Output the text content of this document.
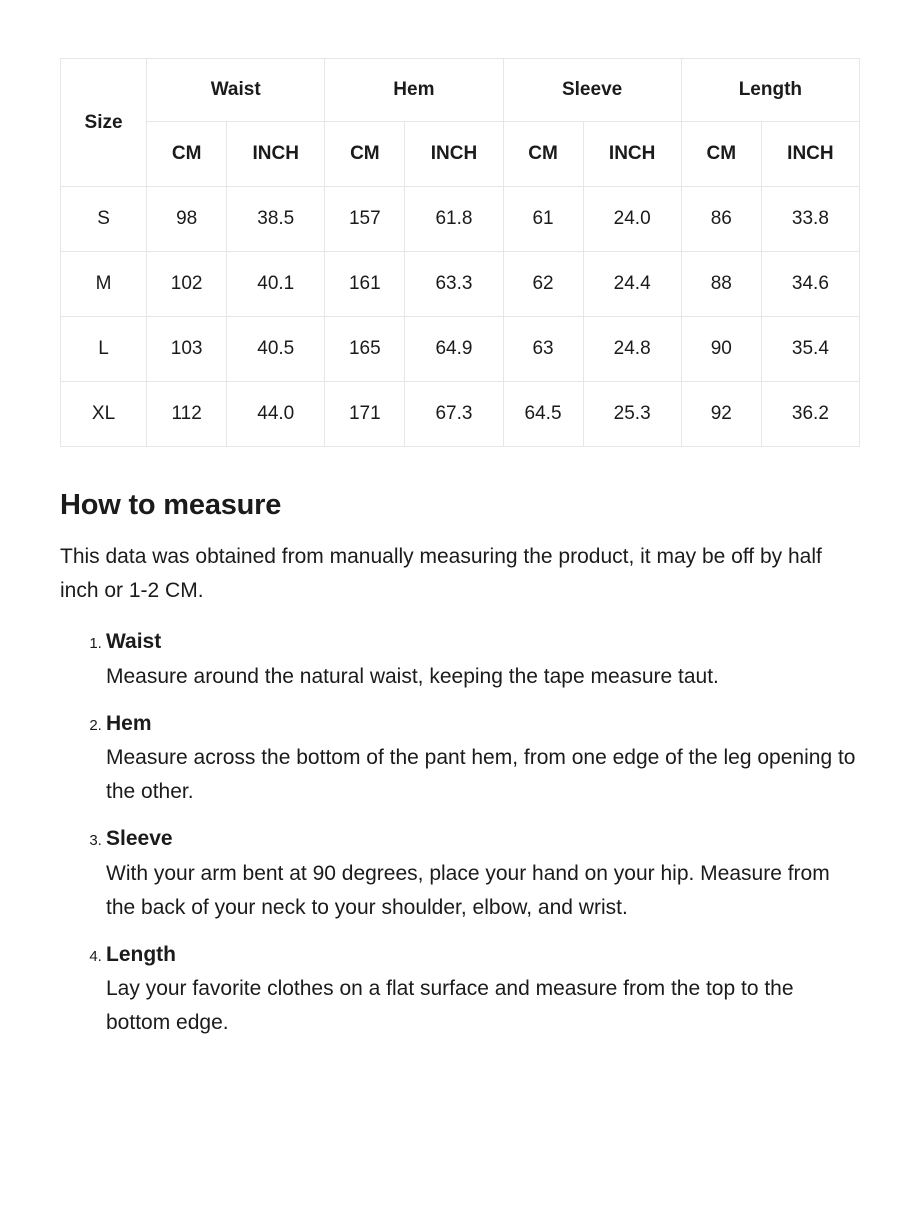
Size	Waist		Hem		Sleeve		Length	
	CM	INCH	CM	INCH	CM	INCH	CM	INCH
S	98	38.5	157	61.8	61	24.0	86	33.8
M	102	40.1	161	63.3	62	24.4	88	34.6
L	103	40.5	165	64.9	63	24.8	90	35.4
XL	112	44.0	171	67.3	64.5	25.3	92	36.2
How to measure

This data was obtained from manually measuring the product, it may be off by half inch or 1-2 CM.

1. Waist
Measure around the natural waist, keeping the tape measure taut.
2. Hem
Measure across the bottom of the pant hem, from one edge of the leg opening to the other.
3. Sleeve
With your arm bent at 90 degrees, place your hand on your hip. Measure from the back of your neck to your shoulder, elbow, and wrist.
4. Length
Lay your favorite clothes on a flat surface and measure from the top to the bottom edge.
